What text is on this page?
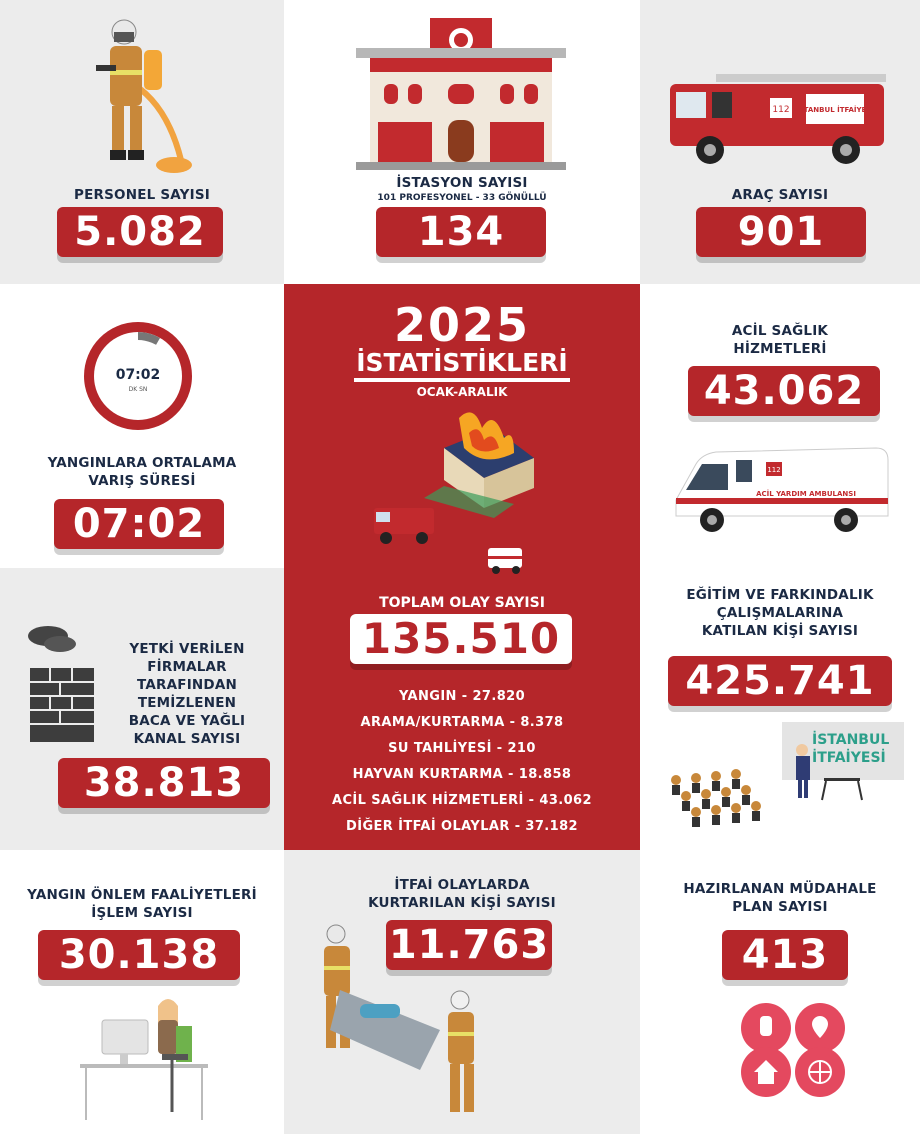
PERSONEL SAYISI
5.082
İSTASYON SAYISI
101 PROFESYONEL - 33 GÖNÜLLÜ
134
112 İSTANBUL İTFAİYESİ
ARAÇ SAYISI
901
07:02
DK SN
YANGINLARA ORTALAMA
VARIŞ SÜRESİ
07:02
2025
İSTATİSTİKLERİ
OCAK-ARALIK
TOPLAM OLAY SAYISI
135.510
YANGIN - 27.820
ARAMA/KURTARMA - 8.378
SU TAHLİYESİ - 210
HAYVAN KURTARMA - 18.858
ACİL SAĞLIK HİZMETLERİ - 43.062
DİĞER İTFAİ OLAYLAR - 37.182
ACİL SAĞLIK
HİZMETLERİ
43.062
112
ACİL YARDIM AMBULANSI
YETKİ VERİLEN
FİRMALAR
TARAFINDAN
TEMİZLENEN
BACA VE YAĞLI
KANAL SAYISI
38.813
EĞİTİM VE FARKINDALIK
ÇALIŞMALARINA
KATILAN KİŞİ SAYISI
425.741
İSTANBUL
İTFAİYESİ
YANGIN ÖNLEM FAALİYETLERİ
İŞLEM SAYISI
30.138
İTFAİ OLAYLARDA
KURTARILAN KİŞİ SAYISI
11.763
HAZIRLANAN MÜDAHALE
PLAN SAYISI
413
